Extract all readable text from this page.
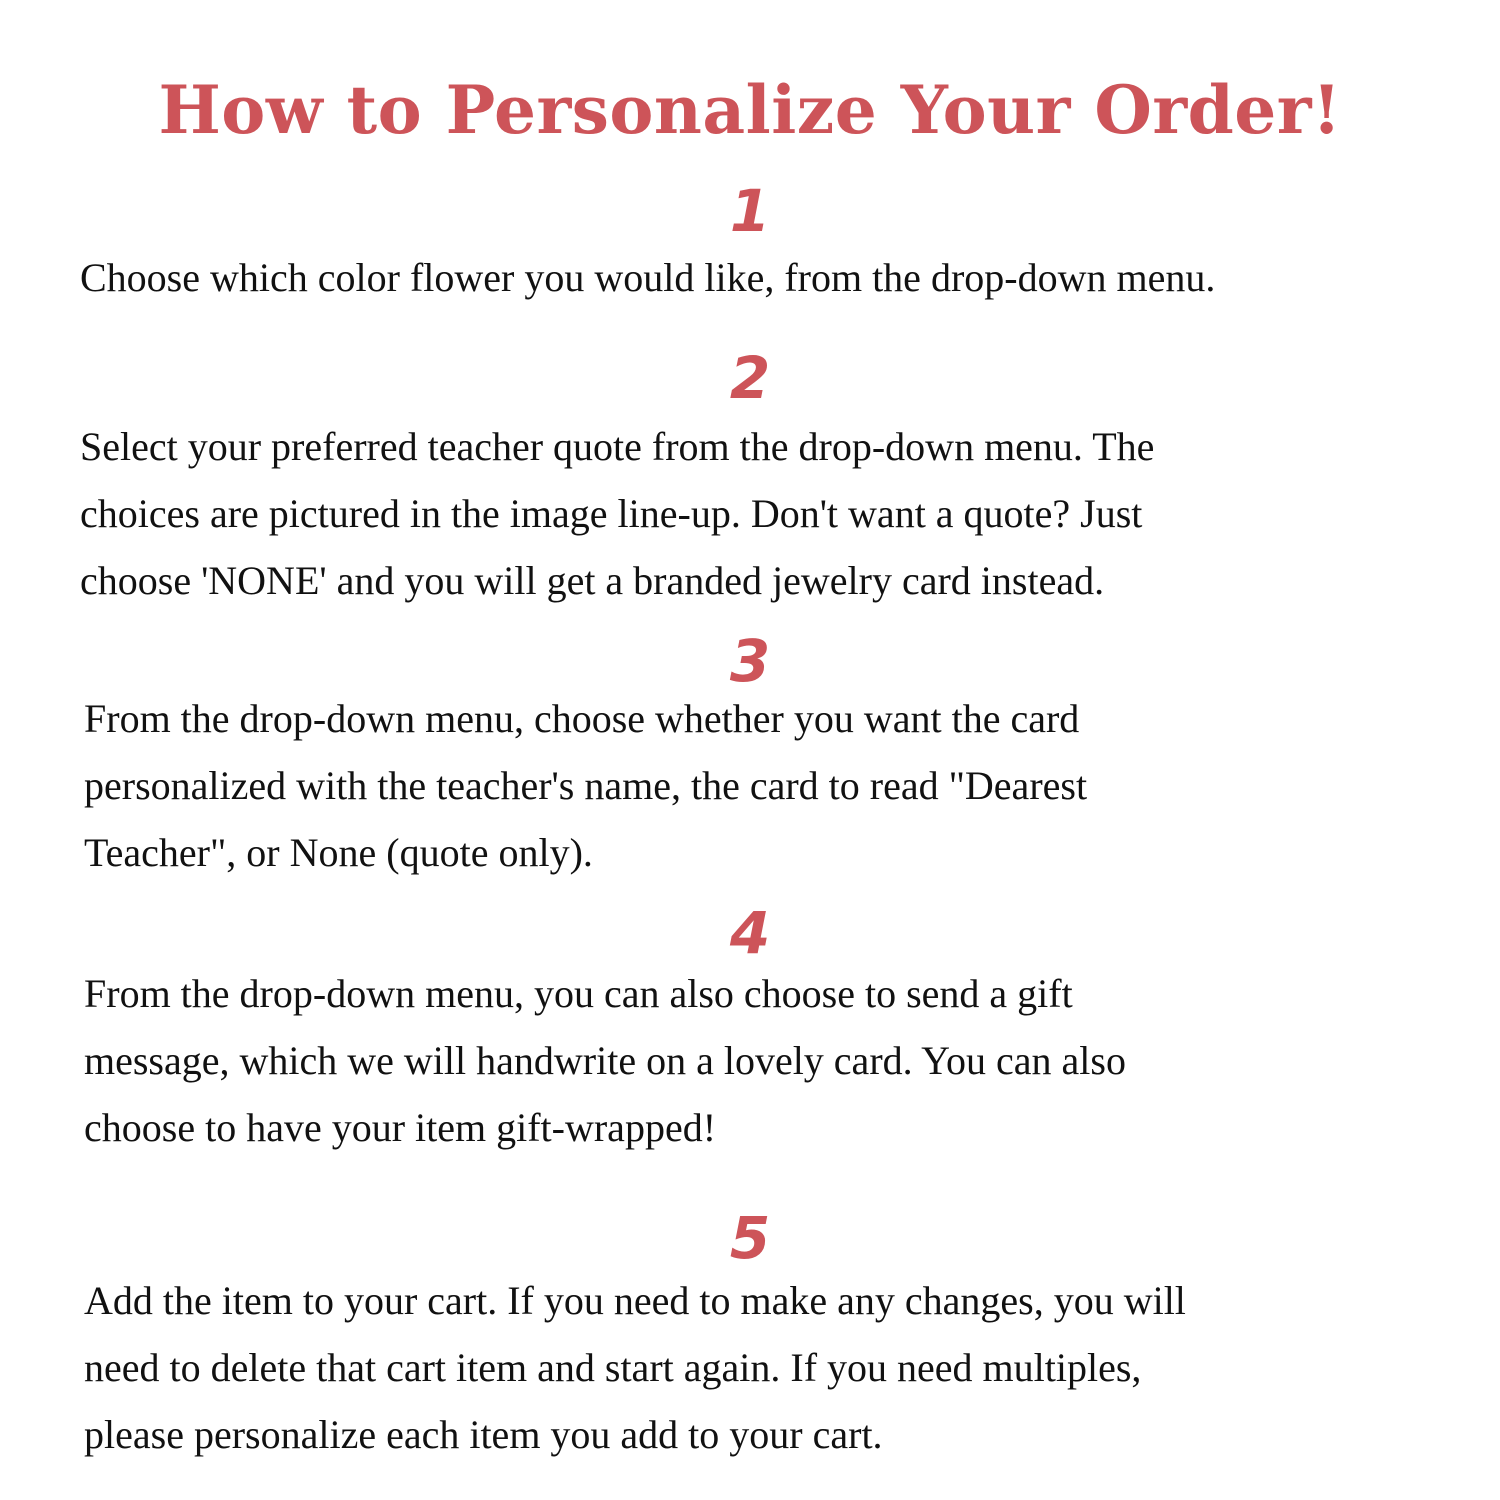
How to Personalize Your Order!
1

Choose which color flower you would like, from the drop-down menu.

2

Select your preferred teacher quote from the drop-down menu. The
choices are pictured in the image line-up. Don't want a quote? Just
choose 'NONE' and you will get a branded jewelry card instead.

3

From the drop-down menu, choose whether you want the card
personalized with the teacher's name, the card to read "Dearest
Teacher", or None (quote only).

4

From the drop-down menu, you can also choose to send a gift
message, which we will handwrite on a lovely card. You can also
choose to have your item gift-wrapped!

5

Add the item to your cart. If you need to make any changes, you will
need to delete that cart item and start again. If you need multiples,
please personalize each item you add to your cart.
